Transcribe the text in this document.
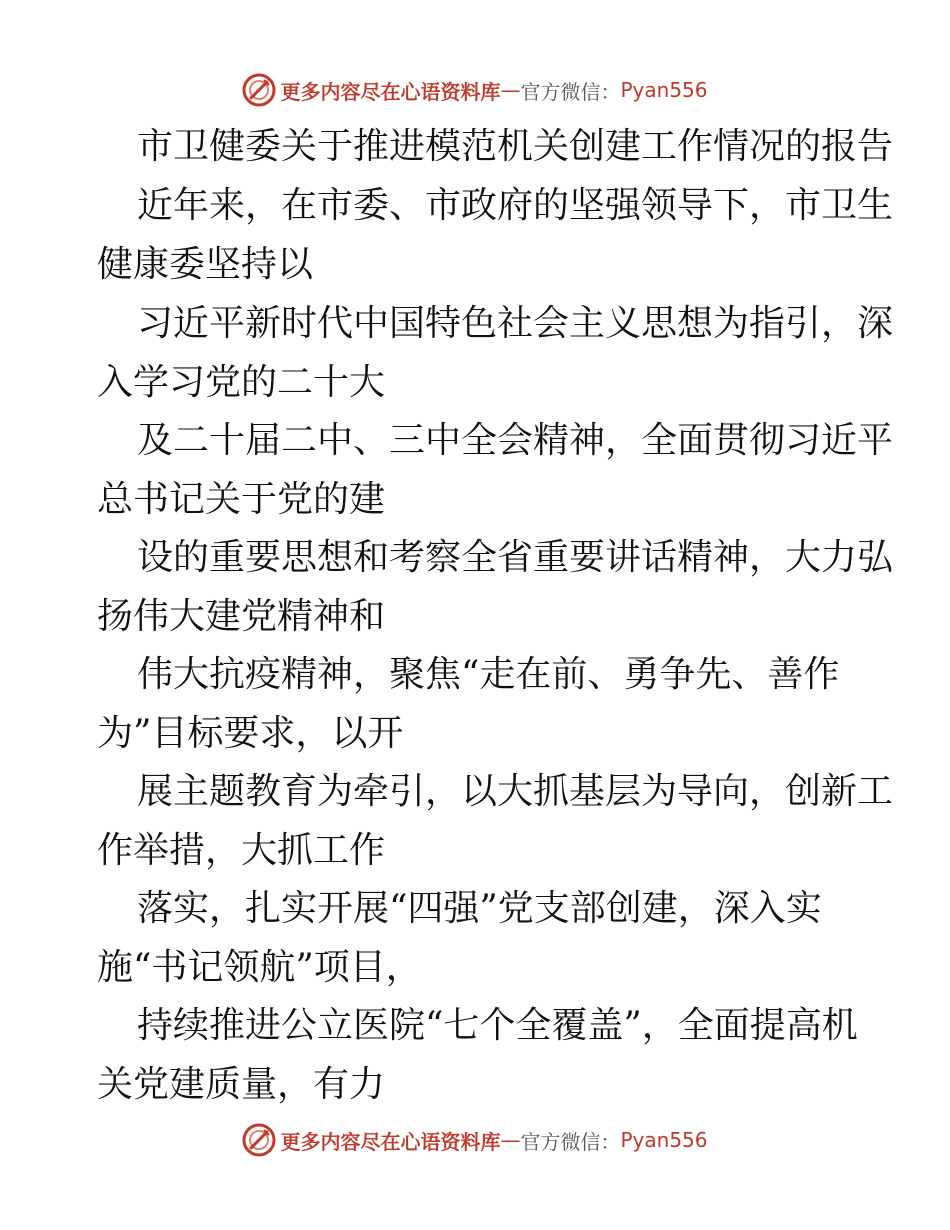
更多内容尽在心语资料库 — 官方微信： Pyan556
市卫健委关于推进模范机关创建工作情况的报告
近年来，在市委、市政府的坚强领导下，市卫生
健康委坚持以
习近平新时代中国特色社会主义思想为指引，深
入学习党的二十大
及二十届二中、三中全会精神，全面贯彻习近平
总书记关于党的建
设的重要思想和考察全省重要讲话精神，大力弘
扬伟大建党精神和
伟大抗疫精神，聚焦“走在前、勇争先、善作
为”目标要求，以开
展主题教育为牵引，以大抓基层为导向，创新工
作举措，大抓工作
落实，扎实开展“四强”党支部创建，深入实
施“书记领航”项目，
持续推进公立医院“七个全覆盖”，全面提高机
关党建质量，有力
更多内容尽在心语资料库 — 官方微信： Pyan556
